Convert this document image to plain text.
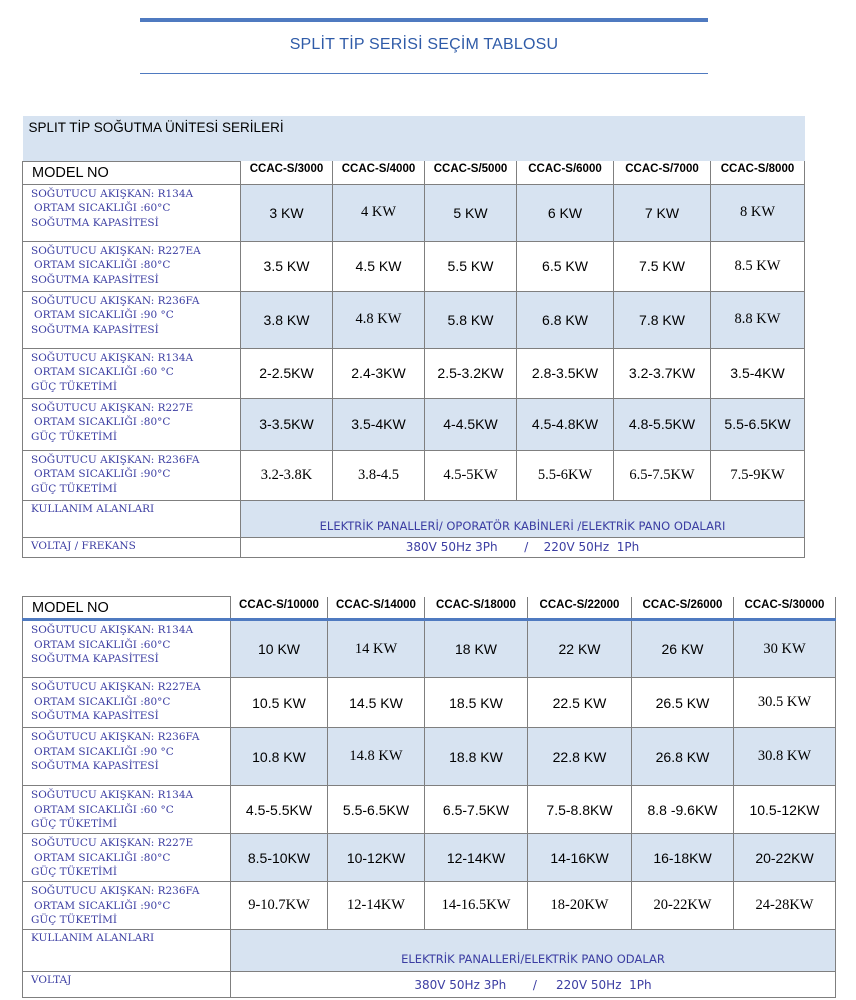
SPLİT TİP SERİSİ SEÇİM TABLOSU
SPLIT TİP SOĞUTMA ÜNİTESİ SERİLERİ						
MODEL NO	CCAC-S/3000	CCAC-S/4000	CCAC-S/5000	CCAC-S/6000	CCAC-S/7000	CCAC-S/8000

SOĞUTUCU AKIŞKAN: R134A
ORTAM SICAKLIĞI :60°C
SOĞUTMA KAPASİTESİ	3 KW	4 KW	5 KW	6 KW	7 KW	8 KW

SOĞUTUCU AKIŞKAN: R227EA
ORTAM SICAKLIĞI :80°C
SOĞUTMA KAPASİTESİ	3.5 KW	4.5 KW	5.5 KW	6.5 KW	7.5 KW	8.5 KW

SOĞUTUCU AKIŞKAN: R236FA
ORTAM SICAKLIĞI :90 °C
SOĞUTMA KAPASİTESİ	3.8 KW	4.8 KW	5.8 KW	6.8 KW	7.8 KW	8.8 KW

SOĞUTUCU AKIŞKAN: R134A
ORTAM SICAKLIĞI :60 °C
GÜÇ TÜKETİMİ	2-2.5KW	2.4-3KW	2.5-3.2KW	2.8-3.5KW	3.2-3.7KW	3.5-4KW

SOĞUTUCU AKIŞKAN: R227E
ORTAM SICAKLIĞI :80°C
GÜÇ TÜKETİMİ	3-3.5KW	3.5-4KW	4-4.5KW	4.5-4.8KW	4.8-5.5KW	5.5-6.5KW

SOĞUTUCU AKIŞKAN: R236FA
ORTAM SICAKLIĞI :90°C
GÜÇ TÜKETİMİ	3.2-3.8K	3.8-4.5	4.5-5KW	5.5-6KW	6.5-7.5KW	7.5-9KW
KULLANIM ALANLARI	ELEKTRİK PANALLERİ/ OPORATÖR KABİNLERİ /ELEKTRİK PANO ODALARI					
VOLTAJ / FREKANS	380V 50Hz 3Ph       /    220V 50Hz  1Ph					
MODEL NO	CCAC-S/10000	CCAC-S/14000	CCAC-S/18000	CCAC-S/22000	CCAC-S/26000	CCAC-S/30000

SOĞUTUCU AKIŞKAN: R134A
ORTAM SICAKLIĞI :60°C
SOĞUTMA KAPASİTESİ	10 KW	14 KW	18 KW	22 KW	26 KW	30 KW

SOĞUTUCU AKIŞKAN: R227EA
ORTAM SICAKLIĞI :80°C
SOĞUTMA KAPASİTESİ	10.5 KW	14.5 KW	18.5 KW	22.5 KW	26.5 KW	30.5 KW

SOĞUTUCU AKIŞKAN: R236FA
ORTAM SICAKLIĞI :90 °C
SOĞUTMA KAPASİTESİ	10.8 KW	14.8 KW	18.8 KW	22.8 KW	26.8 KW	30.8 KW

SOĞUTUCU AKIŞKAN: R134A
ORTAM SICAKLIĞI :60 °C
GÜÇ TÜKETİMİ	4.5-5.5KW	5.5-6.5KW	6.5-7.5KW	7.5-8.8KW	8.8 -9.6KW	10.5-12KW

SOĞUTUCU AKIŞKAN: R227E
ORTAM SICAKLIĞI :80°C
GÜÇ TÜKETİMİ	8.5-10KW	10-12KW	12-14KW	14-16KW	16-18KW	20-22KW

SOĞUTUCU AKIŞKAN: R236FA
ORTAM SICAKLIĞI :90°C
GÜÇ TÜKETİMİ	9-10.7KW	12-14KW	14-16.5KW	18-20KW	20-22KW	24-28KW
KULLANIM ALANLARI	ELEKTRİK PANALLERİ/ELEKTRİK PANO ODALAR					
VOLTAJ	380V 50Hz 3Ph       /     220V 50Hz  1Ph					
